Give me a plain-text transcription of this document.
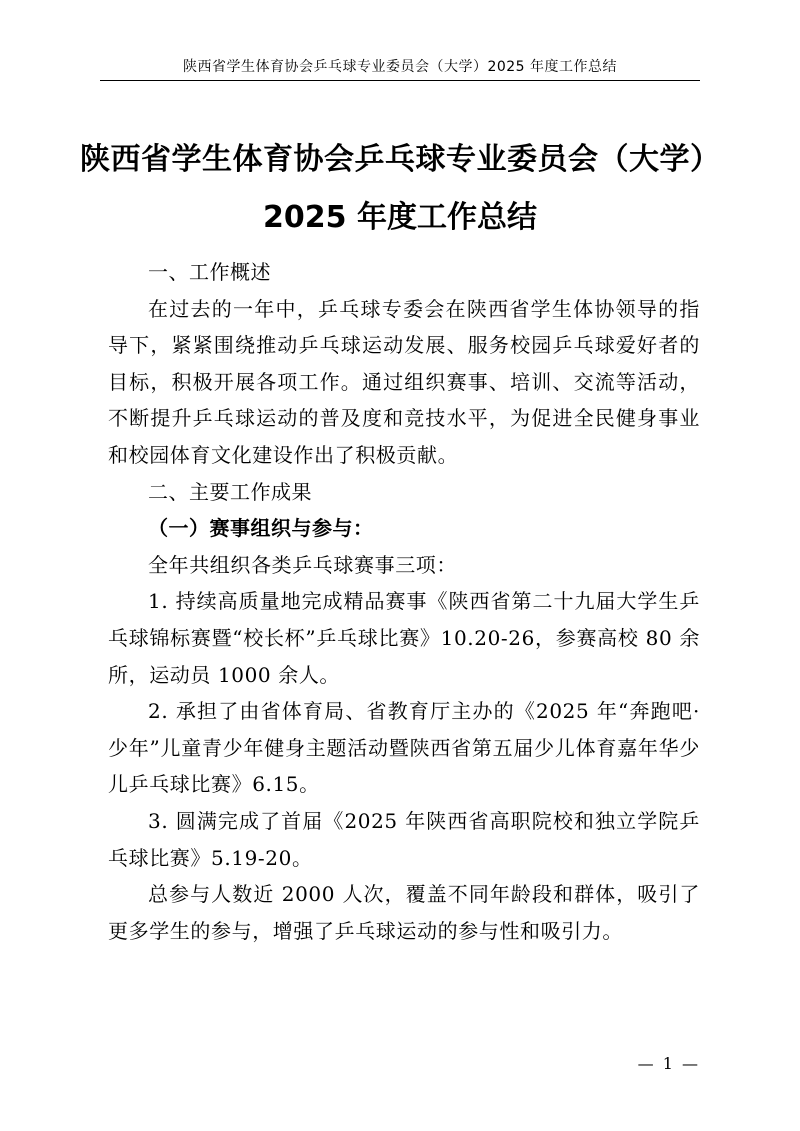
陕西省学生体育协会乒乓球专业委员会（大学）2025 年度工作总结
陕西省学生体育协会乒乓球专业委员会（大学）
2025 年度工作总结

一、工作概述

在过去的一年中，乒乓球专委会在陕西省学生体协领导的指导下，紧紧围绕推动乒乓球运动发展、服务校园乒乓球爱好者的目标，积极开展各项工作。通过组织赛事、培训、交流等活动，不断提升乒乓球运动的普及度和竞技水平，为促进全民健身事业和校园体育文化建设作出了积极贡献。

二、主要工作成果

（一）赛事组织与参与：

全年共组织各类乒乓球赛事三项：

1. 持续高质量地完成精品赛事《陕西省第二十九届大学生乒乓球锦标赛暨“校长杯”乒乓球比赛》10.20-26，参赛高校 80 余所，运动员 1000 余人。

2. 承担了由省体育局、省教育厅主办的《2025 年“奔跑吧·少年”儿童青少年健身主题活动暨陕西省第五届少儿体育嘉年华少儿乒乓球比赛》6.15。

3. 圆满完成了首届《2025 年陕西省高职院校和独立学院乒乓球比赛》5.19-20。

总参与人数近 2000 人次，覆盖不同年龄段和群体，吸引了更多学生的参与，增强了乒乓球运动的参与性和吸引力。

— 1 —
